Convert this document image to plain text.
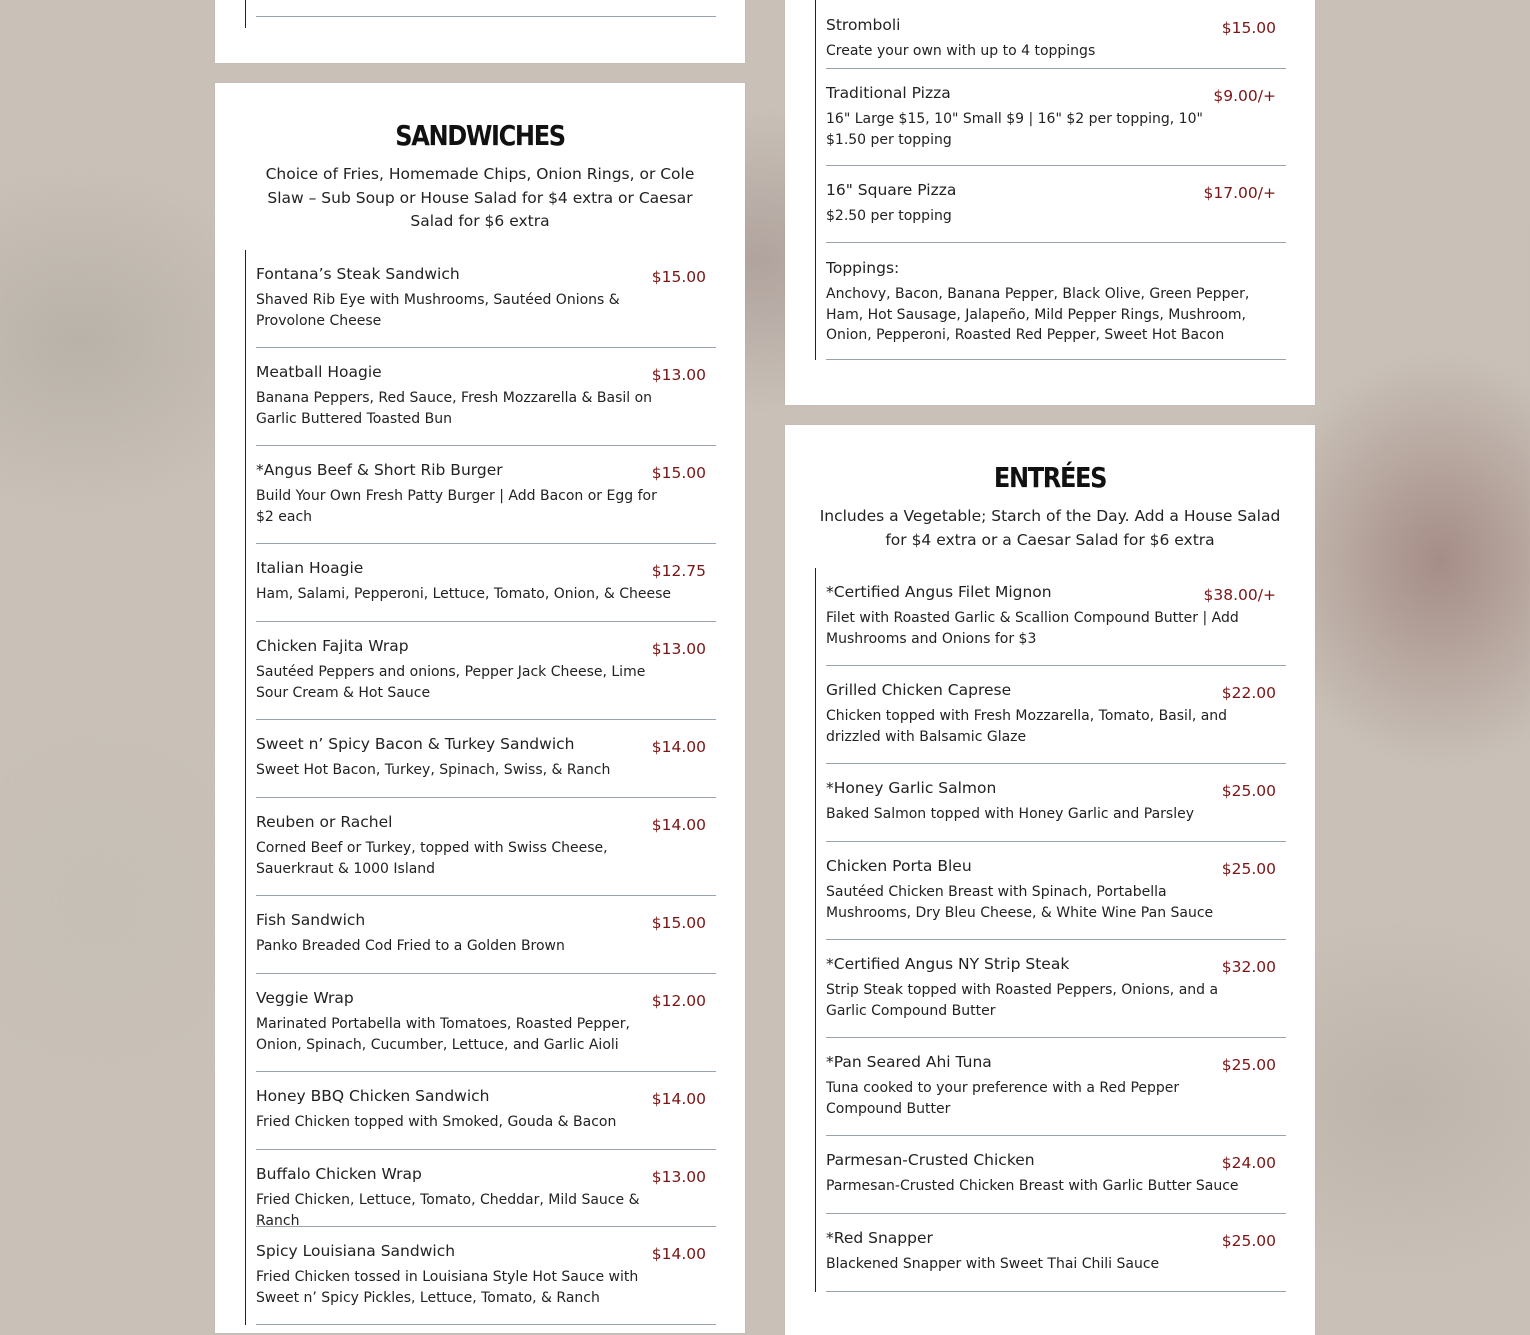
$15.00
Stromboli
Create your own with up to 4 toppings
$9.00/+
Traditional Pizza
16" Large $15, 10" Small $9 | 16" $2 per topping, 10" $1.50 per topping
$17.00/+
16" Square Pizza
$2.50 per topping
Toppings:
Anchovy, Bacon, Banana Pepper, Black Olive, Green Pepper, Ham, Hot Sausage, Jalapeño, Mild Pepper Rings, Mushroom, Onion, Pepperoni, Roasted Red Pepper, Sweet Hot Bacon
SANDWICHES
Choice of Fries, Homemade Chips, Onion Rings, or Cole Slaw – Sub Soup or House Salad for $4 extra or Caesar Salad for $6 extra
$15.00
Fontana’s Steak Sandwich
Shaved Rib Eye with Mushrooms, Sautéed Onions & Provolone Cheese
$13.00
Meatball Hoagie
Banana Peppers, Red Sauce, Fresh Mozzarella & Basil on Garlic Buttered Toasted Bun
$15.00
*Angus Beef & Short Rib Burger
Build Your Own Fresh Patty Burger | Add Bacon or Egg for $2 each
$12.75
Italian Hoagie
Ham, Salami, Pepperoni, Lettuce, Tomato, Onion, & Cheese
$13.00
Chicken Fajita Wrap
Sautéed Peppers and onions, Pepper Jack Cheese, Lime Sour Cream & Hot Sauce
$14.00
Sweet n’ Spicy Bacon & Turkey Sandwich
Sweet Hot Bacon, Turkey, Spinach, Swiss, & Ranch
$14.00
Reuben or Rachel
Corned Beef or Turkey, topped with Swiss Cheese, Sauerkraut & 1000 Island
$15.00
Fish Sandwich
Panko Breaded Cod Fried to a Golden Brown
$12.00
Veggie Wrap
Marinated Portabella with Tomatoes, Roasted Pepper, Onion, Spinach, Cucumber, Lettuce, and Garlic Aioli
$14.00
Honey BBQ Chicken Sandwich
Fried Chicken topped with Smoked, Gouda & Bacon
$13.00
Buffalo Chicken Wrap
Fried Chicken, Lettuce, Tomato, Cheddar, Mild Sauce & Ranch
$14.00
Spicy Louisiana Sandwich
Fried Chicken tossed in Louisiana Style Hot Sauce with Sweet n’ Spicy Pickles, Lettuce, Tomato, & Ranch
ENTRÉES
Includes a Vegetable; Starch of the Day. Add a House Salad for $4 extra or a Caesar Salad for $6 extra
$38.00/+
*Certified Angus Filet Mignon
Filet with Roasted Garlic & Scallion Compound Butter | Add Mushrooms and Onions for $3
$22.00
Grilled Chicken Caprese
Chicken topped with Fresh Mozzarella, Tomato, Basil, and drizzled with Balsamic Glaze
$25.00
*Honey Garlic Salmon
Baked Salmon topped with Honey Garlic and Parsley
$25.00
Chicken Porta Bleu
Sautéed Chicken Breast with Spinach, Portabella Mushrooms, Dry Bleu Cheese, & White Wine Pan Sauce
$32.00
*Certified Angus NY Strip Steak
Strip Steak topped with Roasted Peppers, Onions, and a Garlic Compound Butter
$25.00
*Pan Seared Ahi Tuna
Tuna cooked to your preference with a Red Pepper Compound Butter
$24.00
Parmesan-Crusted Chicken
Parmesan-Crusted Chicken Breast with Garlic Butter Sauce
$25.00
*Red Snapper
Blackened Snapper with Sweet Thai Chili Sauce
